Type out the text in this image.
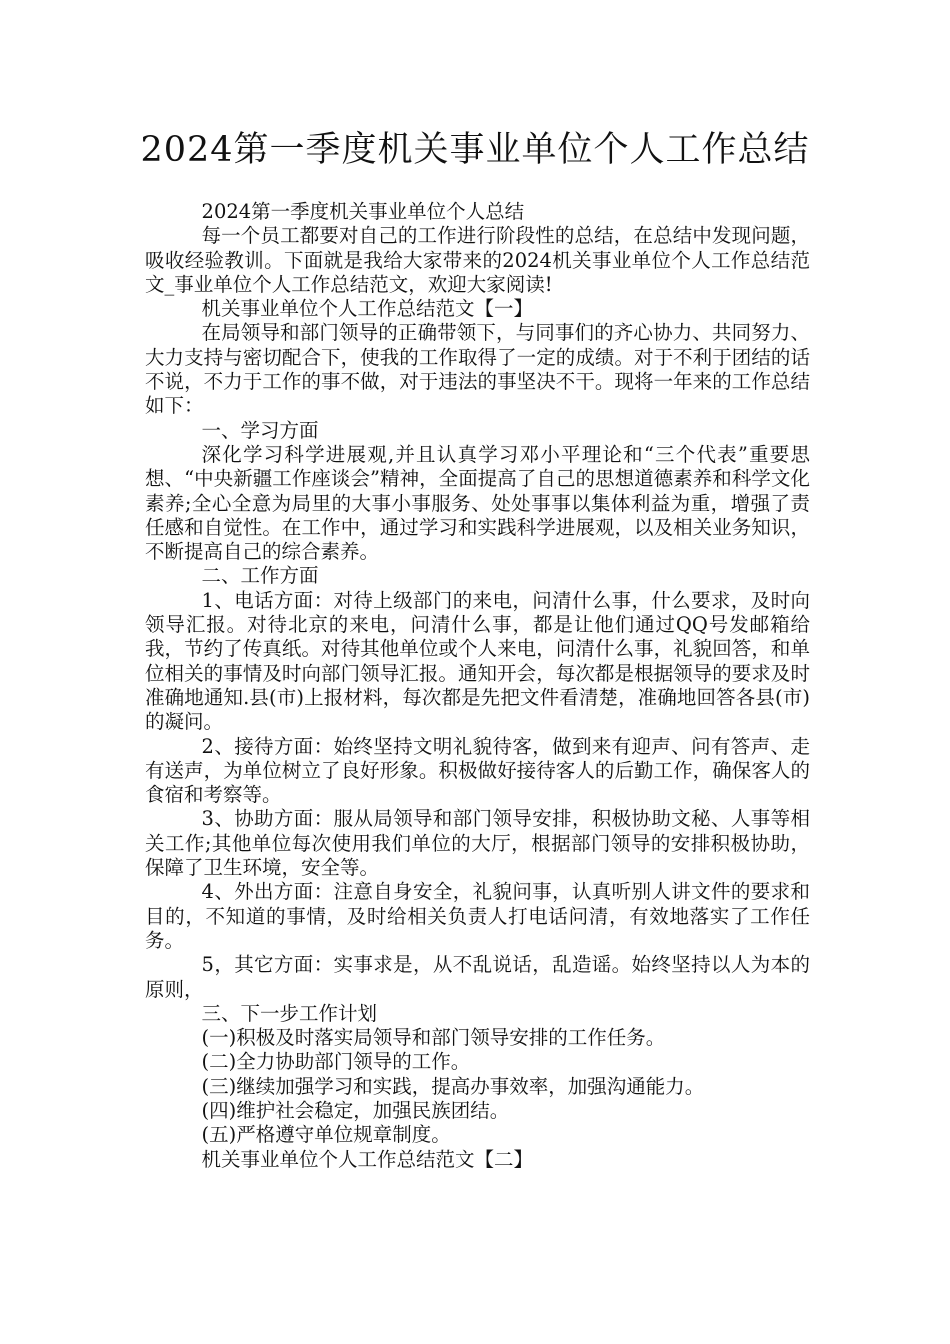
2024第一季度机关事业单位个人工作总结

2024第一季度机关事业单位个人总结

每一个员工都要对自己的工作进行阶段性的总结，在总结中发现问题，吸收经验教训。下面就是我给大家带来的2024机关事业单位个人工作总结范文_事业单位个人工作总结范文，欢迎大家阅读!

机关事业单位个人工作总结范文【一】

在局领导和部门领导的正确带领下，与同事们的齐心协力、共同努力、大力支持与密切配合下，使我的工作取得了一定的成绩。对于不利于团结的话不说，不力于工作的事不做，对于违法的事坚决不干。现将一年来的工作总结如下：

一、学习方面

深化学习科学进展观,并且认真学习邓小平理论和“三个代表”重要思想、“中央新疆工作座谈会”精神，全面提高了自己的思想道德素养和科学文化素养;全心全意为局里的大事小事服务、处处事事以集体利益为重，增强了责任感和自觉性。在工作中，通过学习和实践科学进展观，以及相关业务知识，不断提高自己的综合素养。

二、工作方面

1、电话方面：对待上级部门的来电，问清什么事，什么要求，及时向领导汇报。对待北京的来电，问清什么事，都是让他们通过QQ号发邮箱给我，节约了传真纸。对待其他单位或个人来电，问清什么事，礼貌回答，和单位相关的事情及时向部门领导汇报。通知开会，每次都是根据领导的要求及时准确地通知.县(市)上报材料，每次都是先把文件看清楚，准确地回答各县(市)的凝问。

2、接待方面：始终坚持文明礼貌待客，做到来有迎声、问有答声、走有送声，为单位树立了良好形象。积极做好接待客人的后勤工作，确保客人的食宿和考察等。

3、协助方面：服从局领导和部门领导安排，积极协助文秘、人事等相关工作;其他单位每次使用我们单位的大厅，根据部门领导的安排积极协助，保障了卫生环境，安全等。

4、外出方面：注意自身安全，礼貌问事，认真听别人讲文件的要求和目的，不知道的事情，及时给相关负责人打电话问清，有效地落实了工作任务。

5，其它方面：实事求是，从不乱说话，乱造谣。始终坚持以人为本的原则，

三、下一步工作计划

(一)积极及时落实局领导和部门领导安排的工作任务。

(二)全力协助部门领导的工作。

(三)继续加强学习和实践，提高办事效率，加强沟通能力。

(四)维护社会稳定，加强民族团结。

(五)严格遵守单位规章制度。

机关事业单位个人工作总结范文【二】
